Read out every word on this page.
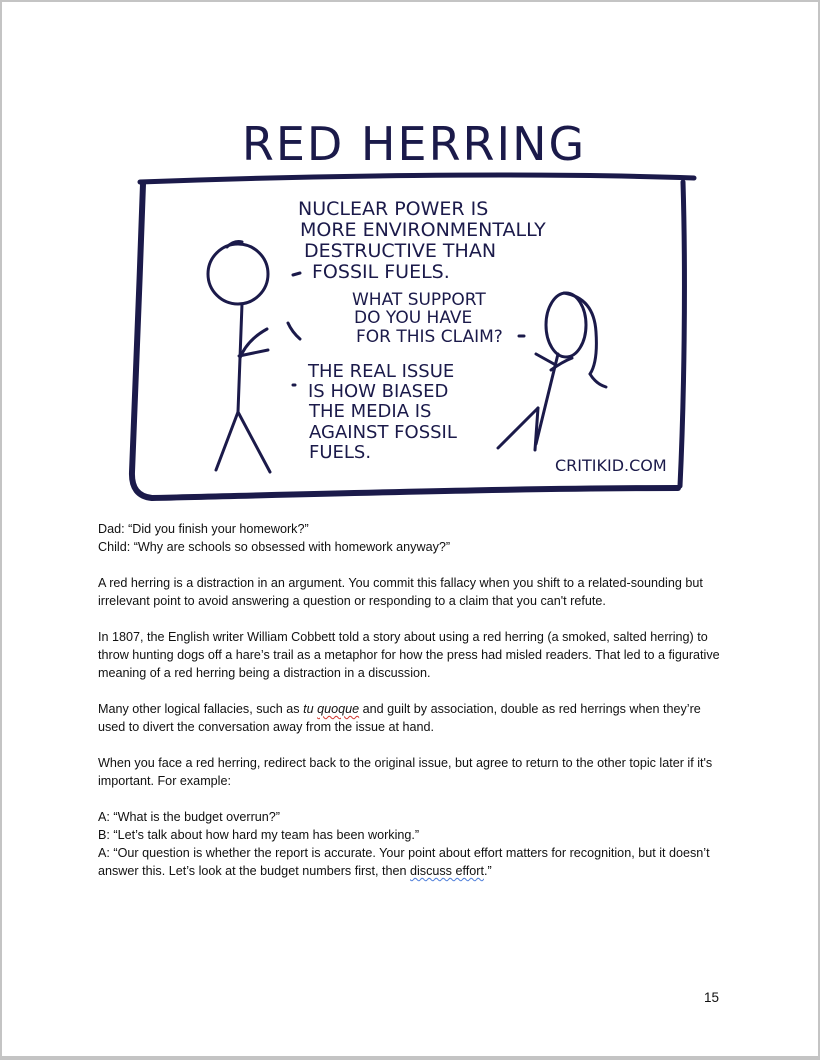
RED HERRING
NUCLEAR POWER IS
MORE ENVIRONMENTALLY
DESTRUCTIVE THAN
FOSSIL FUELS.
WHAT SUPPORT
DO YOU HAVE
FOR THIS CLAIM?
THE REAL ISSUE
IS HOW BIASED
THE MEDIA IS
AGAINST FOSSIL
FUELS.
CRITIKID.COM

Dad: “Did you finish your homework?”
Child: “Why are schools so obsessed with homework anyway?”

A red herring is a distraction in an argument. You commit this fallacy when you shift to a related-sounding but irrelevant point to avoid answering a question or responding to a claim that you can't refute.

In 1807, the English writer William Cobbett told a story about using a red herring (a smoked, salted herring) to throw hunting dogs off a hare’s trail as a metaphor for how the press had misled readers. That led to a figurative meaning of a red herring being a distraction in a discussion.

Many other logical fallacies, such as tu quoque and guilt by association, double as red herrings when they’re used to divert the conversation away from the issue at hand.

When you face a red herring, redirect back to the original issue, but agree to return to the other topic later if it's important. For example:

A: “What is the budget overrun?”
B: “Let’s talk about how hard my team has been working.”
A: “Our question is whether the report is accurate. Your point about effort matters for recognition, but it doesn’t answer this. Let’s look at the budget numbers first, then discuss effort.”

15
